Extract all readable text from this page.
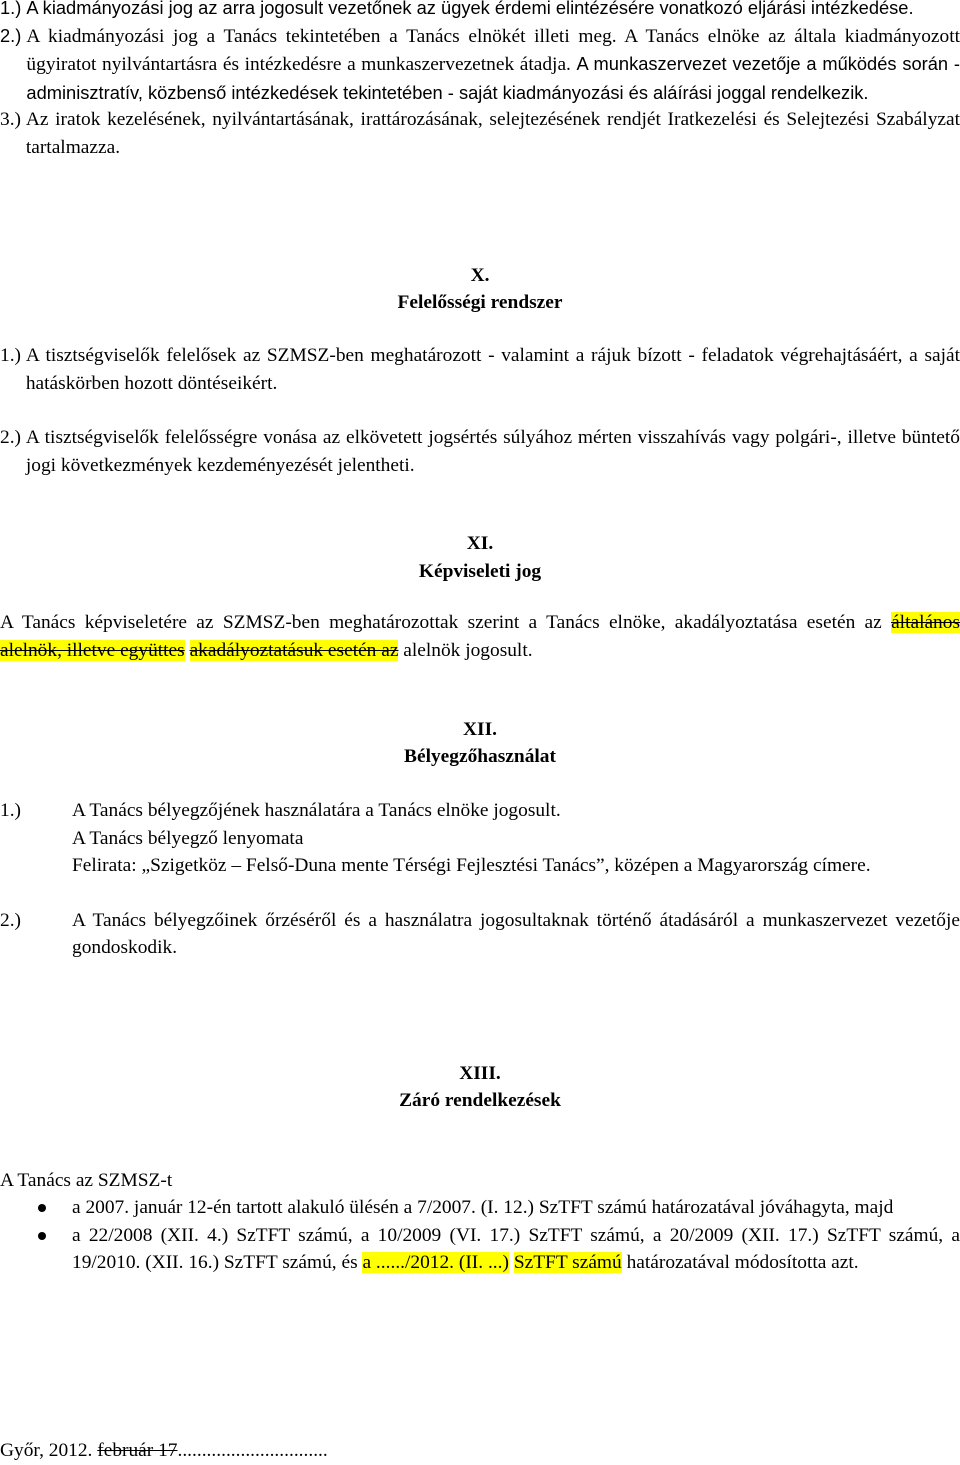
1.) A kiadmányozási jog az arra jogosult vezetőnek az ügyek érdemi elintézésére vonatkozó eljárási intézkedése.
2.) A kiadmányozási jog a Tanács tekintetében a Tanács elnökét illeti meg. A Tanács elnöke az általa kiadmányozott ügyiratot nyilvántartásra és intézkedésre a munkaszervezetnek átadja. A munkaszervezet vezetője a működés során - adminisztratív, közbenső intézkedések tekintetében - saját kiadmányozási és aláírási joggal rendelkezik.
3.) Az iratok kezelésének, nyilvántartásának, irattározásának, selejtezésének rendjét Iratkezelési és Selejtezési Szabályzat tartalmazza.
X.
Felelősségi rendszer
1.) A tisztségviselők felelősek az SZMSZ-ben meghatározott - valamint a rájuk bízott - feladatok végrehajtásáért, a saját hatáskörben hozott döntéseikért.
2.) A tisztségviselők felelősségre vonása az elkövetett jogsértés súlyához mérten visszahívás vagy polgári-, illetve büntető jogi következmények kezdeményezését jelentheti.
XI.
Képviseleti jog
A Tanács képviseletére az SZMSZ-ben meghatározottak szerint a Tanács elnöke, akadályoztatása esetén az általános alelnök, illetve együttes akadályoztatásuk esetén az alelnök jogosult.
XII.
Bélyegzőhasználat
1.)	A Tanács bélyegzőjének használatára a Tanács elnöke jogosult.
A Tanács bélyegző lenyomata
Felirata: „Szigetköz – Felső-Duna mente Térségi Fejlesztési Tanács”, középen a Magyarország címere.
2.)	A Tanács bélyegzőinek őrzéséről és a használatra jogosultaknak történő átadásáról a munkaszervezet vezetője gondoskodik.
XIII.
Záró rendelkezések
A Tanács az SZMSZ-t
a 2007. január 12-én tartott alakuló ülésén a 7/2007. (I. 12.) SzTFT számú határozatával jóváhagyta, majd
a 22/2008 (XII. 4.) SzTFT számú, a 10/2009 (VI. 17.) SzTFT számú, a 20/2009 (XII. 17.) SzTFT számú, a 19/2010. (XII. 16.) SzTFT számú, és a ....../2012. (II. ...) SzTFT számú határozatával módosította azt.
Győr, 2012. február 17...............................
